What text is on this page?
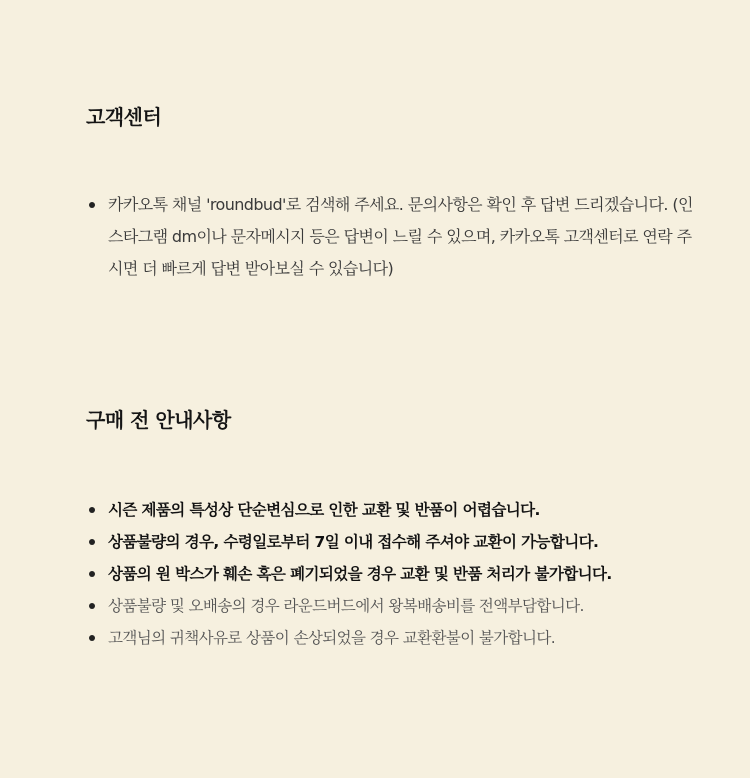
고객센터
카카오톡 채널 'roundbud'로 검색해 주세요. 문의사항은 확인 후 답변 드리겠습니다. (인스타그램 dm이나 문자메시지 등은 답변이 느릴 수 있으며, 카카오톡 고객센터로 연락 주시면 더 빠르게 답변 받아보실 수 있습니다)
구매 전 안내사항
시즌 제품의 특성상 단순변심으로 인한 교환 및 반품이 어렵습니다.
상품불량의 경우, 수령일로부터 7일 이내 접수해 주셔야 교환이 가능합니다.
상품의 원 박스가 훼손 혹은 폐기되었을 경우 교환 및 반품 처리가 불가합니다.
상품불량 및 오배송의 경우 라운드버드에서 왕복배송비를 전액부담합니다.
고객님의 귀책사유로 상품이 손상되었을 경우 교환환불이 불가합니다.
